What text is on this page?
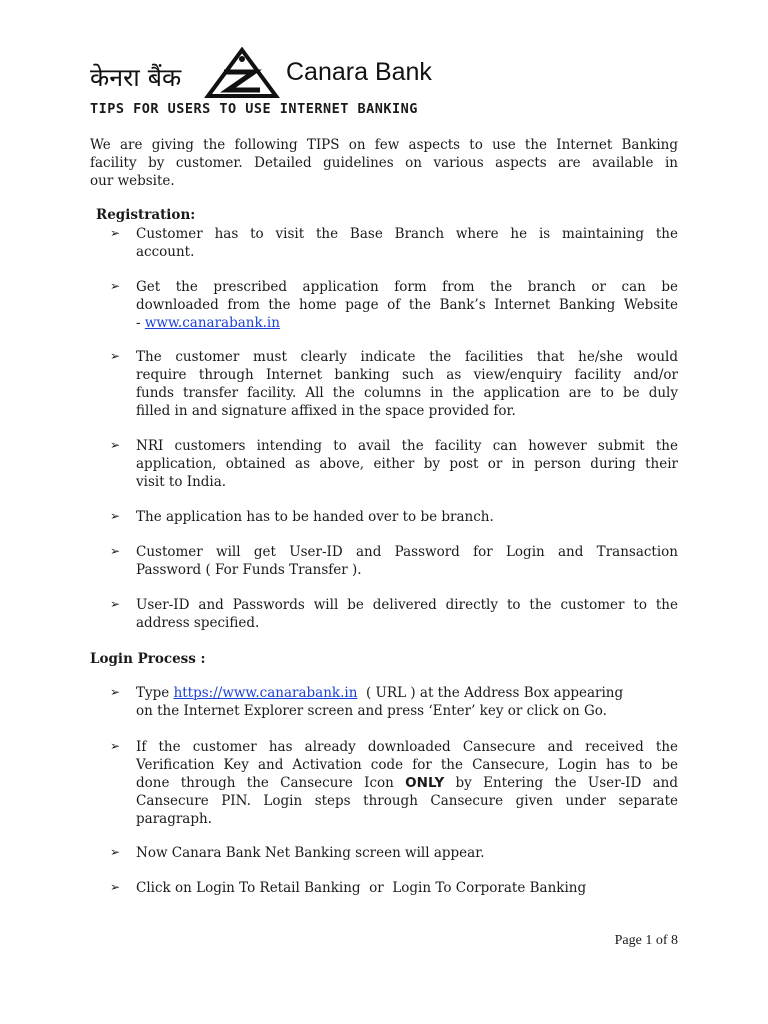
केनरा बैंक	Canara Bank
TIPS FOR USERS TO USE INTERNET BANKING
We are giving the following TIPS on few aspects to use the Internet Banking
facility by customer. Detailed guidelines on various aspects are available in
our website.
Registration:
➢ Customer has to visit the Base Branch where he is maintaining the
account.
➢ Get the prescribed application form from the branch or can be
downloaded from the home page of the Bank’s Internet Banking Website
- www.canarabank.in
➢ The customer must clearly indicate the facilities that he/she would
require through Internet banking such as view/enquiry facility and/or
funds transfer facility. All the columns in the application are to be duly
filled in and signature affixed in the space provided for.
➢ NRI customers intending to avail the facility can however submit the
application, obtained as above, either by post or in person during their
visit to India.
➢ The application has to be handed over to be branch.
➢ Customer will get User-ID and Password for Login and Transaction
Password ( For Funds Transfer ).
➢ User-ID and Passwords will be delivered directly to the customer to the
address specified.
Login Process :
➢ Type https://www.canarabank.in  ( URL ) at the Address Box appearing
on the Internet Explorer screen and press ‘Enter’ key or click on Go.
➢ If the customer has already downloaded Cansecure and received the
Verification Key and Activation code for the Cansecure, Login has to be
done through the Cansecure Icon ONLY by Entering the User-ID and
Cansecure PIN. Login steps through Cansecure given under separate
paragraph.
➢ Now Canara Bank Net Banking screen will appear.
➢ Click on Login To Retail Banking  or  Login To Corporate Banking
Page 1 of 8
